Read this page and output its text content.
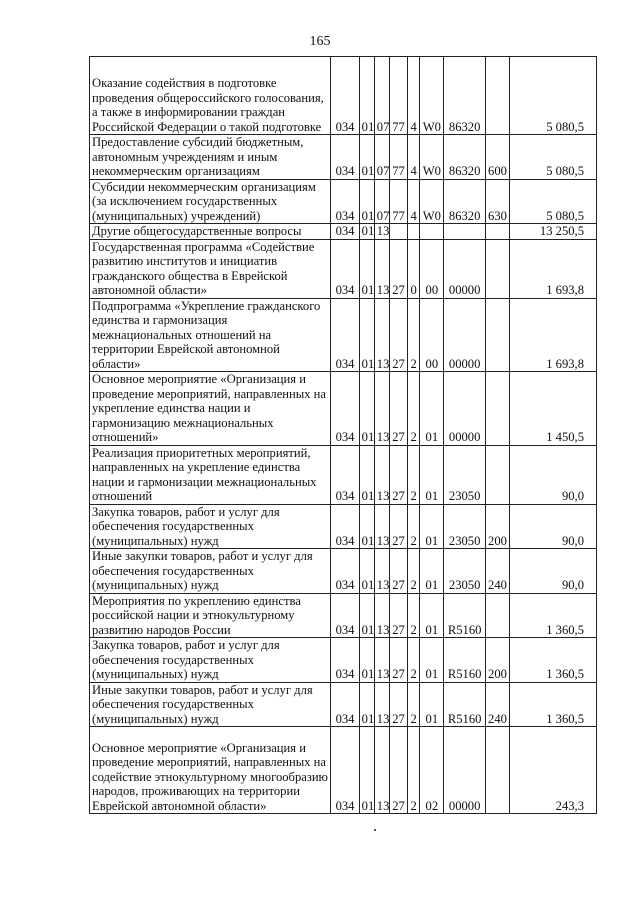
165
Оказание содействия в подготовке проведения общероссийского голосования, а также в информировании граждан Российской Федерации о такой подготовке	034	01	07	77	4	W0	86320		5 080,5
Предоставление субсидий бюджетным, автономным учреждениям и иным некоммерческим организациям	034	01	07	77	4	W0	86320	600	5 080,5
Субсидии некоммерческим организациям (за исключением государственных (муниципальных) учреждений)	034	01	07	77	4	W0	86320	630	5 080,5
Другие общегосударственные вопросы	034	01	13						13 250,5
Государственная программа «Содействие развитию институтов и инициатив гражданского общества в Еврейской автономной области»	034	01	13	27	0	00	00000		1 693,8
Подпрограмма «Укрепление гражданского единства и гармонизация межнациональных отношений на территории Еврейской автономной области»	034	01	13	27	2	00	00000		1 693,8
Основное мероприятие «Организация и проведение мероприятий, направленных на укрепление единства нации и гармонизацию межнациональных отношений»	034	01	13	27	2	01	00000		1 450,5
Реализация приоритетных мероприятий, направленных на укрепление единства нации и гармонизации межнациональных отношений	034	01	13	27	2	01	23050		90,0
Закупка товаров, работ и услуг для обеспечения государственных (муниципальных) нужд	034	01	13	27	2	01	23050	200	90,0
Иные закупки товаров, работ и услуг для обеспечения государственных (муниципальных) нужд	034	01	13	27	2	01	23050	240	90,0
Мероприятия по укреплению единства российской нации и этнокультурному развитию народов России	034	01	13	27	2	01	R5160		1 360,5
Закупка товаров, работ и услуг для обеспечения государственных (муниципальных) нужд	034	01	13	27	2	01	R5160	200	1 360,5
Иные закупки товаров, работ и услуг для обеспечения государственных (муниципальных) нужд	034	01	13	27	2	01	R5160	240	1 360,5
Основное мероприятие «Организация и проведение мероприятий, направленных на содействие этнокультурному многообразию народов, проживающих на территории Еврейской автономной области»	034	01	13	27	2	02	00000		243,3
